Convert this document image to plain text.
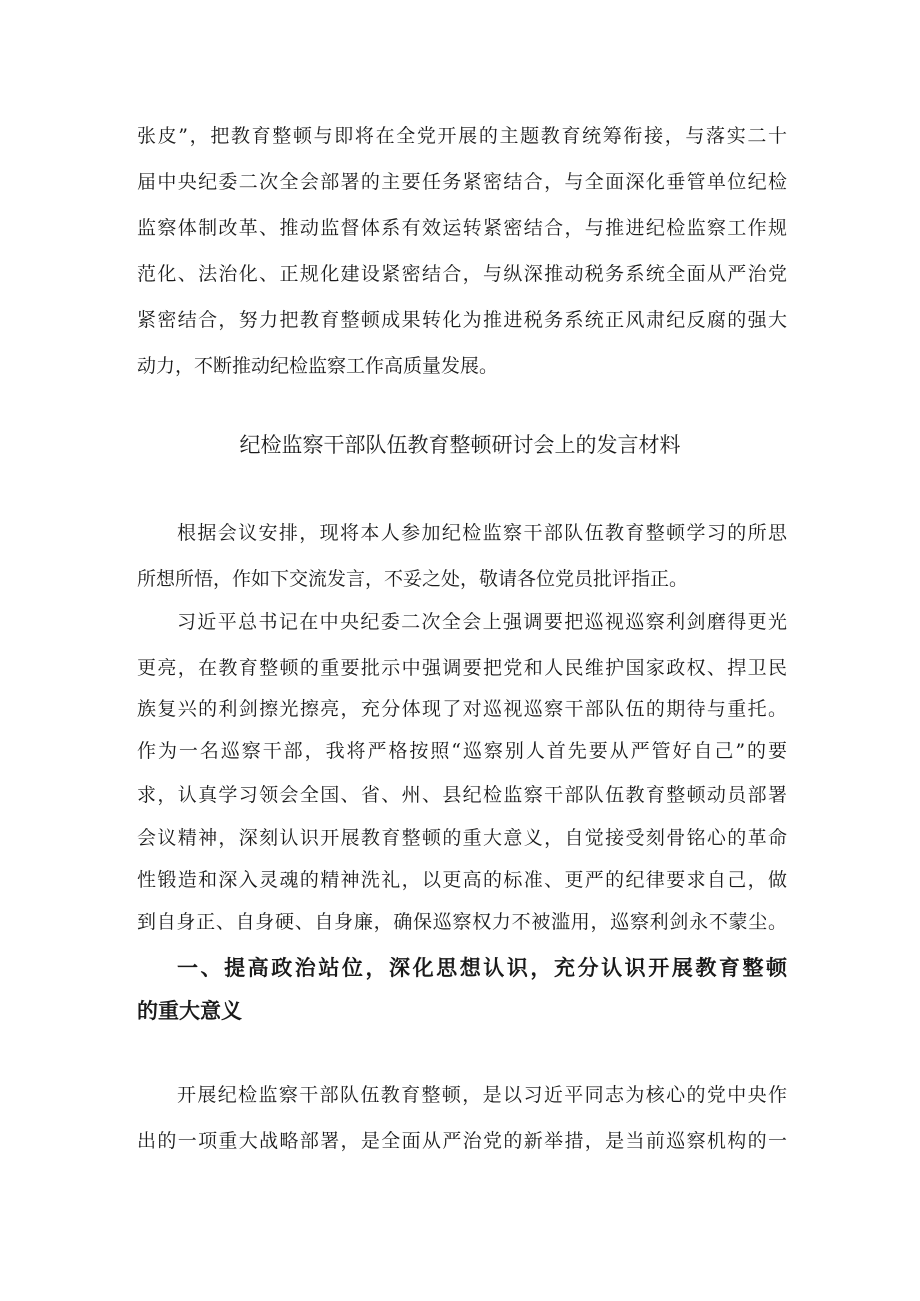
张皮”，把教育整顿与即将在全党开展的主题教育统筹衔接，与落实二十
届中央纪委二次全会部署的主要任务紧密结合，与全面深化垂管单位纪检
监察体制改革、推动监督体系有效运转紧密结合，与推进纪检监察工作规
范化、法治化、正规化建设紧密结合，与纵深推动税务系统全面从严治党
紧密结合，努力把教育整顿成果转化为推进税务系统正风肃纪反腐的强大
动力，不断推动纪检监察工作高质量发展。
纪检监察干部队伍教育整顿研讨会上的发言材料
根据会议安排，现将本人参加纪检监察干部队伍教育整顿学习的所思
所想所悟，作如下交流发言，不妥之处，敬请各位党员批评指正。
习近平总书记在中央纪委二次全会上强调要把巡视巡察利剑磨得更光
更亮，在教育整顿的重要批示中强调要把党和人民维护国家政权、捍卫民
族复兴的利剑擦光擦亮，充分体现了对巡视巡察干部队伍的期待与重托。
作为一名巡察干部，我将严格按照“巡察别人首先要从严管好自己”的要
求，认真学习领会全国、省、州、县纪检监察干部队伍教育整顿动员部署
会议精神，深刻认识开展教育整顿的重大意义，自觉接受刻骨铭心的革命
性锻造和深入灵魂的精神洗礼，以更高的标准、更严的纪律要求自己，做
到自身正、自身硬、自身廉，确保巡察权力不被滥用，巡察利剑永不蒙尘。
一、提高政治站位，深化思想认识，充分认识开展教育整顿
的重大意义
开展纪检监察干部队伍教育整顿，是以习近平同志为核心的党中央作
出的一项重大战略部署，是全面从严治党的新举措，是当前巡察机构的一
